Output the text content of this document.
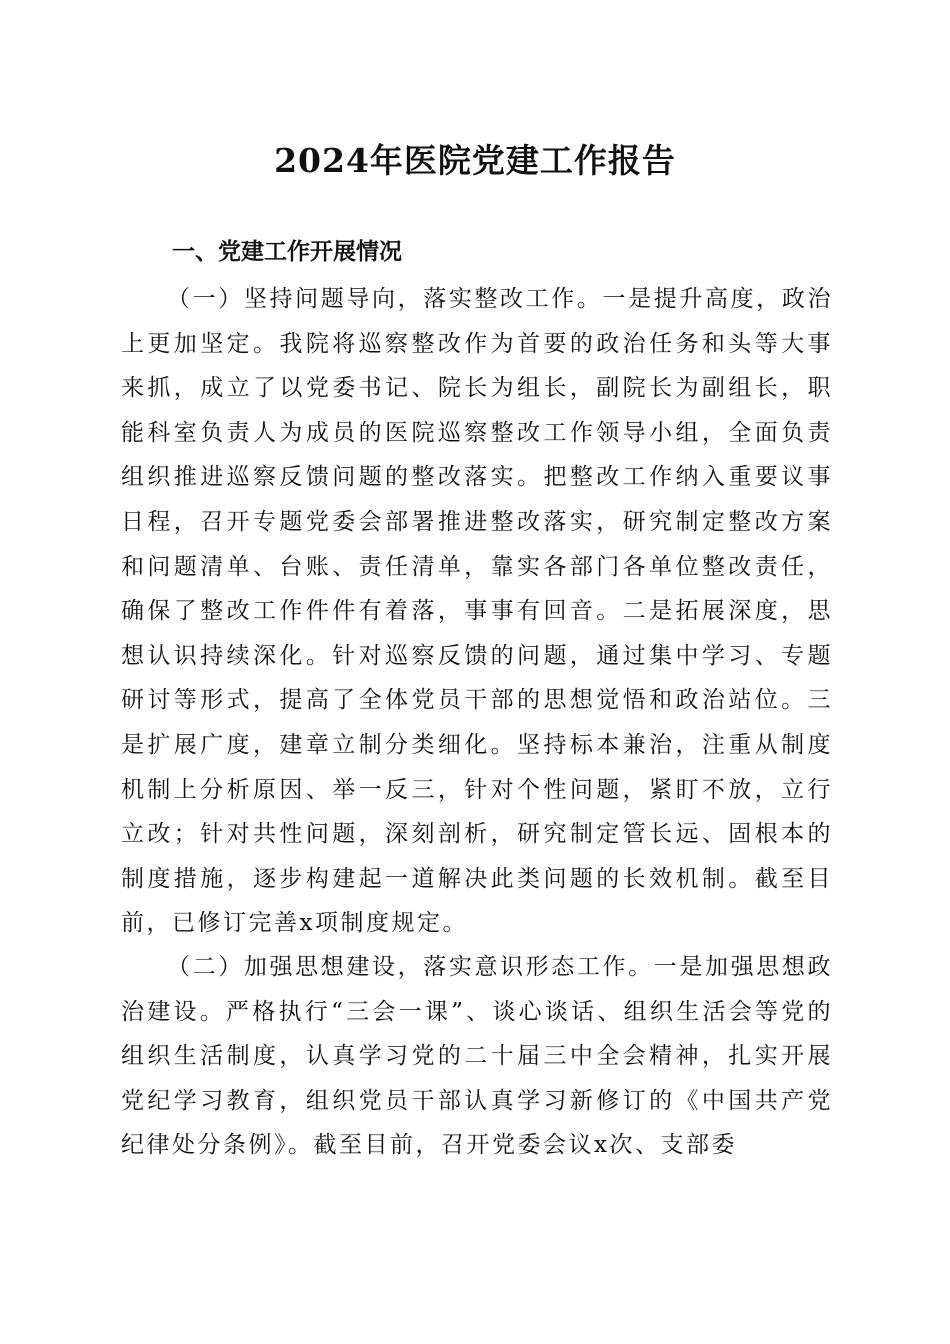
2024年医院党建工作报告
一、党建工作开展情况

（一）坚持问题导向，落实整改工作。一是提升高度，政治上更加坚定。我院将巡察整改作为首要的政治任务和头等大事来抓，成立了以党委书记、院长为组长，副院长为副组长，职能科室负责人为成员的医院巡察整改工作领导小组，全面负责组织推进巡察反馈问题的整改落实。把整改工作纳入重要议事日程，召开专题党委会部署推进整改落实，研究制定整改方案和问题清单、台账、责任清单，靠实各部门各单位整改责任，确保了整改工作件件有着落，事事有回音。二是拓展深度，思想认识持续深化。针对巡察反馈的问题，通过集中学习、专题研讨等形式，提高了全体党员干部的思想觉悟和政治站位。三是扩展广度，建章立制分类细化。坚持标本兼治，注重从制度机制上分析原因、举一反三，针对个性问题，紧盯不放，立行立改；针对共性问题，深刻剖析，研究制定管长远、固根本的制度措施，逐步构建起一道解决此类问题的长效机制。截至目前，已修订完善x项制度规定。

（二）加强思想建设，落实意识形态工作。一是加强思想政治建设。严格执行“三会一课”、谈心谈话、组织生活会等党的组织生活制度，认真学习党的二十届三中全会精神，扎实开展党纪学习教育，组织党员干部认真学习新修订的《中国共产党纪律处分条例》。截至目前，召开党委会议x次、支部委
